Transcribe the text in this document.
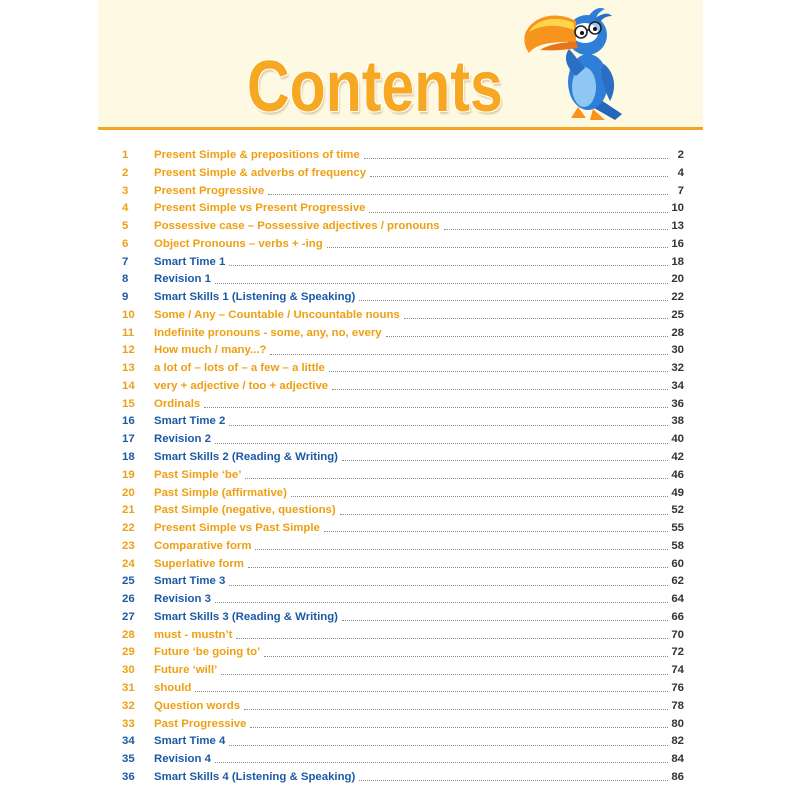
Contents
1	Present Simple & prepositions of time	2
2	Present Simple & adverbs of frequency	4
3	Present Progressive	7
4	Present Simple vs Present Progressive	10
5	Possessive case – Possessive adjectives / pronouns	13
6	Object Pronouns – verbs + -ing	16
7	Smart Time 1	18
8	Revision 1	20
9	Smart Skills 1 (Listening & Speaking)	22
10	Some / Any – Countable / Uncountable nouns	25
11	Indefinite pronouns - some, any, no, every	28
12	How much / many...?	30
13	a lot of – lots of – a few – a little	32
14	very + adjective / too + adjective	34
15	Ordinals	36
16	Smart Time 2	38
17	Revision 2	40
18	Smart Skills 2 (Reading & Writing)	42
19	Past Simple ‘be’	46
20	Past Simple (affirmative)	49
21	Past Simple (negative, questions)	52
22	Present Simple vs Past Simple	55
23	Comparative form	58
24	Superlative form	60
25	Smart Time 3	62
26	Revision 3	64
27	Smart Skills 3 (Reading & Writing)	66
28	must - mustn’t	70
29	Future ‘be going to’	72
30	Future ‘will’	74
31	should	76
32	Question words	78
33	Past Progressive	80
34	Smart Time 4	82
35	Revision 4	84
36	Smart Skills 4 (Listening & Speaking)	86
